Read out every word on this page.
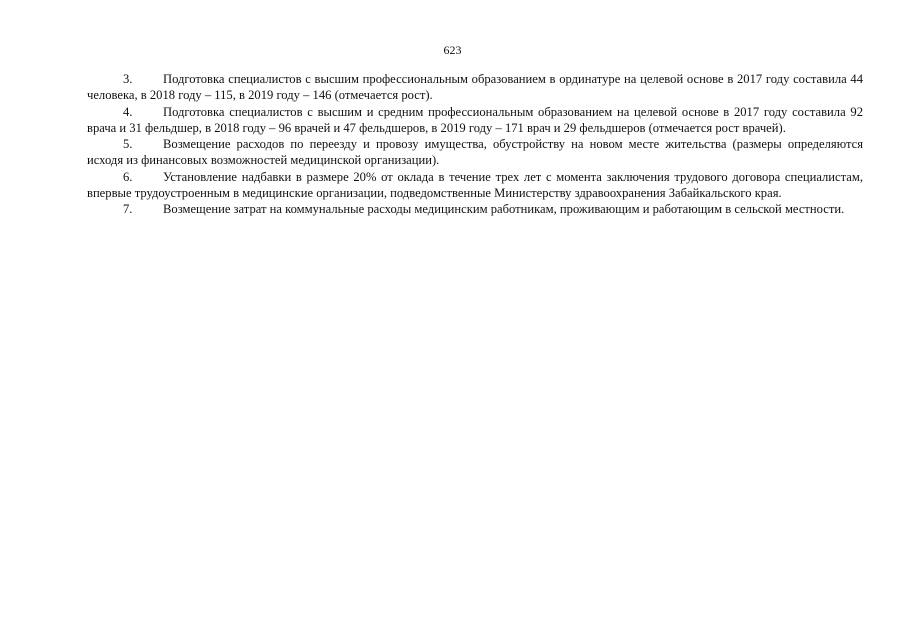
623

3. Подготовка специалистов с высшим профессиональным образованием в ординатуре на целевой основе в 2017 году составила 44 человека, в 2018 году – 115, в 2019 году – 146 (отмечается рост).

4. Подготовка специалистов с высшим и средним профессиональным образованием на целевой основе в 2017 году составила 92 врача и 31 фельдшер, в 2018 году – 96 врачей и 47 фельдшеров, в 2019 году – 171 врач и 29 фельдшеров (отмечается рост врачей).

5. Возмещение расходов по переезду и провозу имущества, обустройству на новом месте жительства (размеры определяются исходя из финансовых возможностей медицинской организации).

6. Установление надбавки в размере 20% от оклада в течение трех лет с момента заключения трудового договора специалистам, впервые трудоустроенным в медицинские организации, подведомственные Министерству здравоохранения Забайкальского края.

7. Возмещение затрат на коммунальные расходы медицинским работникам, проживающим и работающим в сельской местности.
